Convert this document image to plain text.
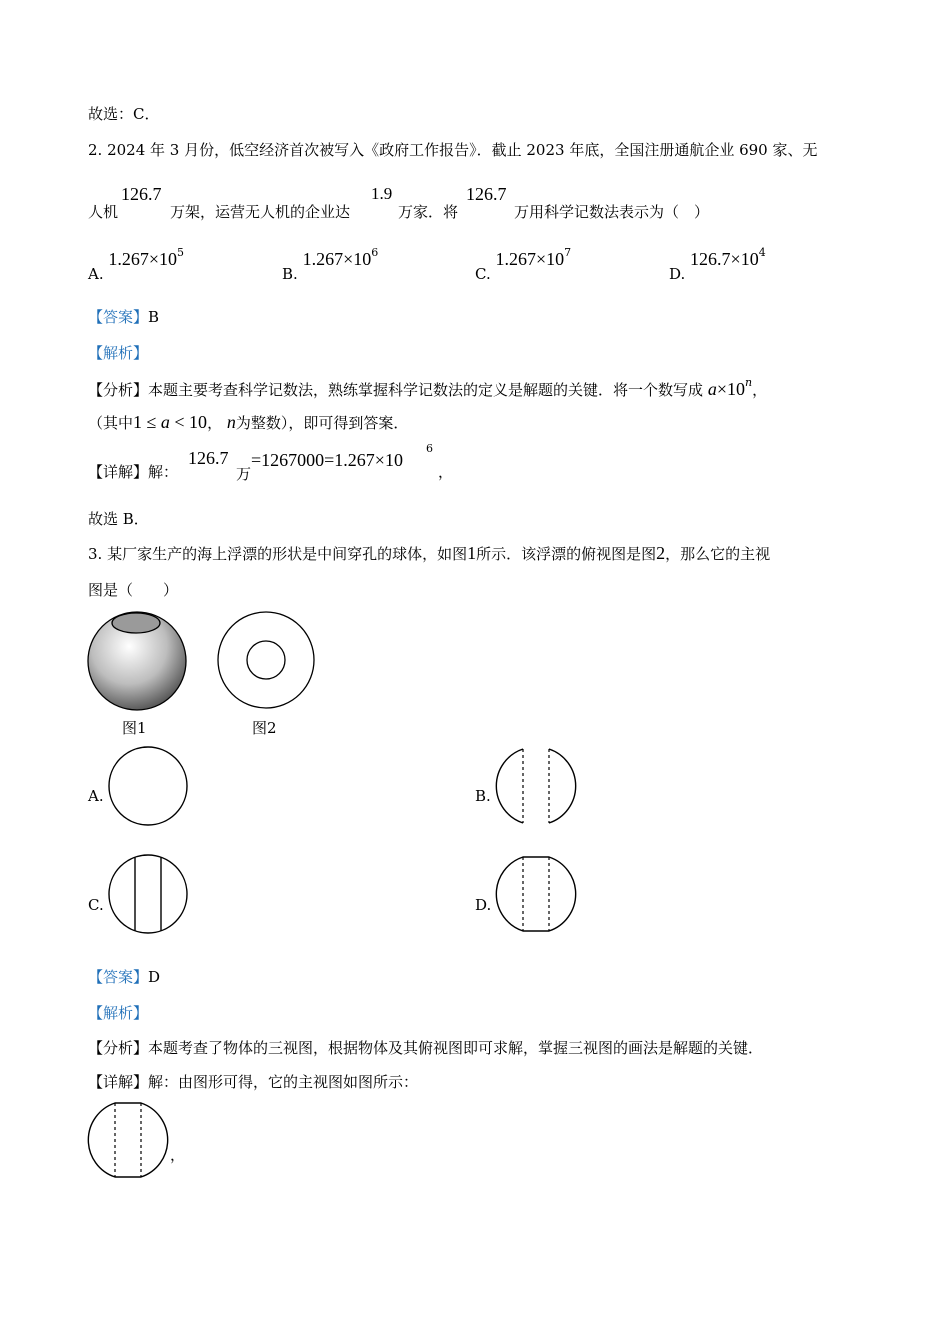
故选：C．
2. 2024 年 3 月份，低空经济首次被写入《政府工作报告》．截止 2023 年底，全国注册通航企业 690 家、无
人机
126.7
万架，运营无人机的企业达
1.9
万家．将
126.7
万用科学记数法表示为（　）
A. $1.267\times 10^5$
B. $1.267\times 10^6$
C. $1.267\times 10^7$
D. $126.7\times 10^4$
【答案】B
【解析】
【分析】本题主要考查科学记数法，熟练掌握科学记数法的定义是解题的关键．将一个数写成 $a\times 10^n$，
（其中1 ≤ a < 10， n为整数），即可得到答案．
【详解】 解：
126.7
万
=1267000=1.267×10
6
，
故选 B．
3. 某厂家生产的海上浮漂的形状是中间穿孔的球体，如图1所示．该浮漂的俯视图是图2，那么它的主视
图是（　　）
图1	图2
A.	B.
C.	D.
【答案】D
【解析】
【分析】本题考查了物体的三视图，根据物体及其俯视图即可求解，掌握三视图的画法是解题的关键．
【详解】解：由图形可得，它的主视图如图所示：
，
